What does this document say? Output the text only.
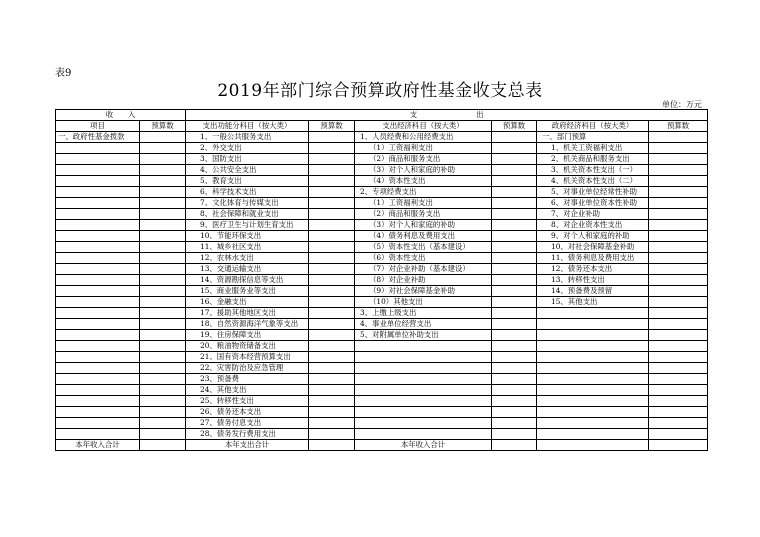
表9
2019年部门综合预算政府性基金收支总表
单位：万元
收　　入		支　　　　　　　　出					
项目	预算数	支出功能分科目（按大类）	预算数	支出经济科目（按大类）	预算数	政府经济科目（按大类）	预算数
一、政府性基金拨款		1、一般公共服务支出		1、人员经费和公用经费支出		一、部门预算	
		2、外交支出		（1）工资福利支出		1、机关工资福利支出	
		3、国防支出		（2）商品和服务支出		2、机关商品和服务支出	
		4、公共安全支出		（3）对个人和家庭的补助		3、机关资本性支出（一）	
		5、教育支出		（4）资本性支出		4、机关资本性支出（二）	
		6、科学技术支出		2、专项经费支出		5、对事业单位经常性补助	
		7、文化体育与传媒支出		（1）工资福利支出		6、对事业单位资本性补助	
		8、社会保障和就业支出		（2）商品和服务支出		7、对企业补助	
		9、医疗卫生与计划生育支出		（3）对个人和家庭的补助		8、对企业资本性支出	
		10、节能环保支出		（4）债务利息及费用支出		9、对个人和家庭的补助	
		11、城乡社区支出		（5）资本性支出（基本建设）		10、对社会保障基金补助	
		12、农林水支出		（6）资本性支出		11、债务利息及费用支出	
		13、交通运输支出		（7）对企业补助（基本建设）		12、债务还本支出	
		14、资源勘探信息等支出		（8）对企业补助		13、转移性支出	
		15、商业服务业等支出		（9）对社会保障基金补助		14、预备费及预留	
		16、金融支出		（10）其他支出		15、其他支出	
		17、援助其他地区支出		3、上缴上级支出			
		18、自然资源海洋气象等支出		4、事业单位经营支出			
		19、住房保障支出		5、对附属单位补助支出			
		20、粮油物资储备支出					
		21、国有资本经营预算支出					
		22、灾害防治及应急管理					
		23、预备费					
		24、其他支出					
		25、转移性支出					
		26、债务还本支出					
		27、债务付息支出					
		28、债务发行费用支出					
本年收入合计		本年支出合计		本年收入合计			
